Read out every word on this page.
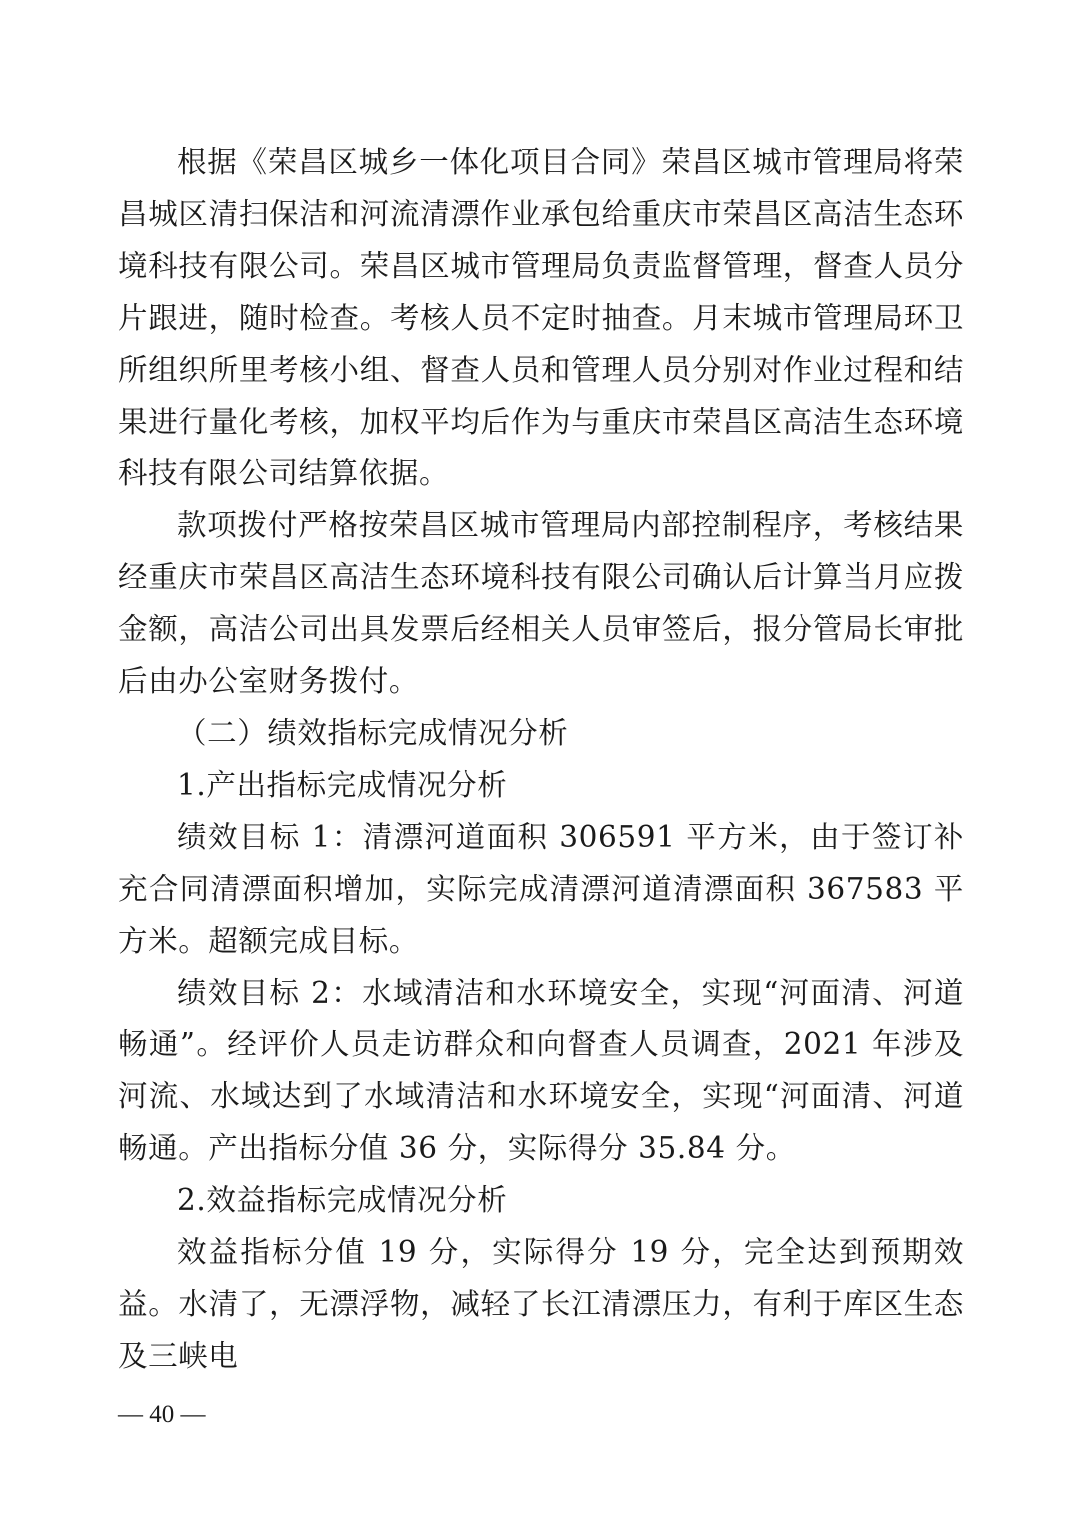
根据《荣昌区城乡一体化项目合同》荣昌区城市管理局将荣昌城区清扫保洁和河流清漂作业承包给重庆市荣昌区高洁生态环境科技有限公司。荣昌区城市管理局负责监督管理，督查人员分片跟进，随时检查。考核人员不定时抽查。月末城市管理局环卫所组织所里考核小组、督查人员和管理人员分别对作业过程和结果进行量化考核，加权平均后作为与重庆市荣昌区高洁生态环境科技有限公司结算依据。

款项拨付严格按荣昌区城市管理局内部控制程序，考核结果经重庆市荣昌区高洁生态环境科技有限公司确认后计算当月应拨金额，高洁公司出具发票后经相关人员审签后，报分管局长审批后由办公室财务拨付。

（二）绩效指标完成情况分析

1.产出指标完成情况分析

绩效目标 1：清漂河道面积 306591 平方米，由于签订补充合同清漂面积增加，实际完成清漂河道清漂面积 367583 平方米。超额完成目标。

绩效目标 2：水域清洁和水环境安全，实现“河面清、河道畅通”。经评价人员走访群众和向督查人员调查，2021 年涉及河流、水域达到了水域清洁和水环境安全，实现“河面清、河道畅通。产出指标分值 36 分，实际得分 35.84 分。

2.效益指标完成情况分析

效益指标分值 19 分，实际得分 19 分，完全达到预期效益。水清了，无漂浮物，减轻了长江清漂压力，有利于库区生态及三峡电

— 40 —
